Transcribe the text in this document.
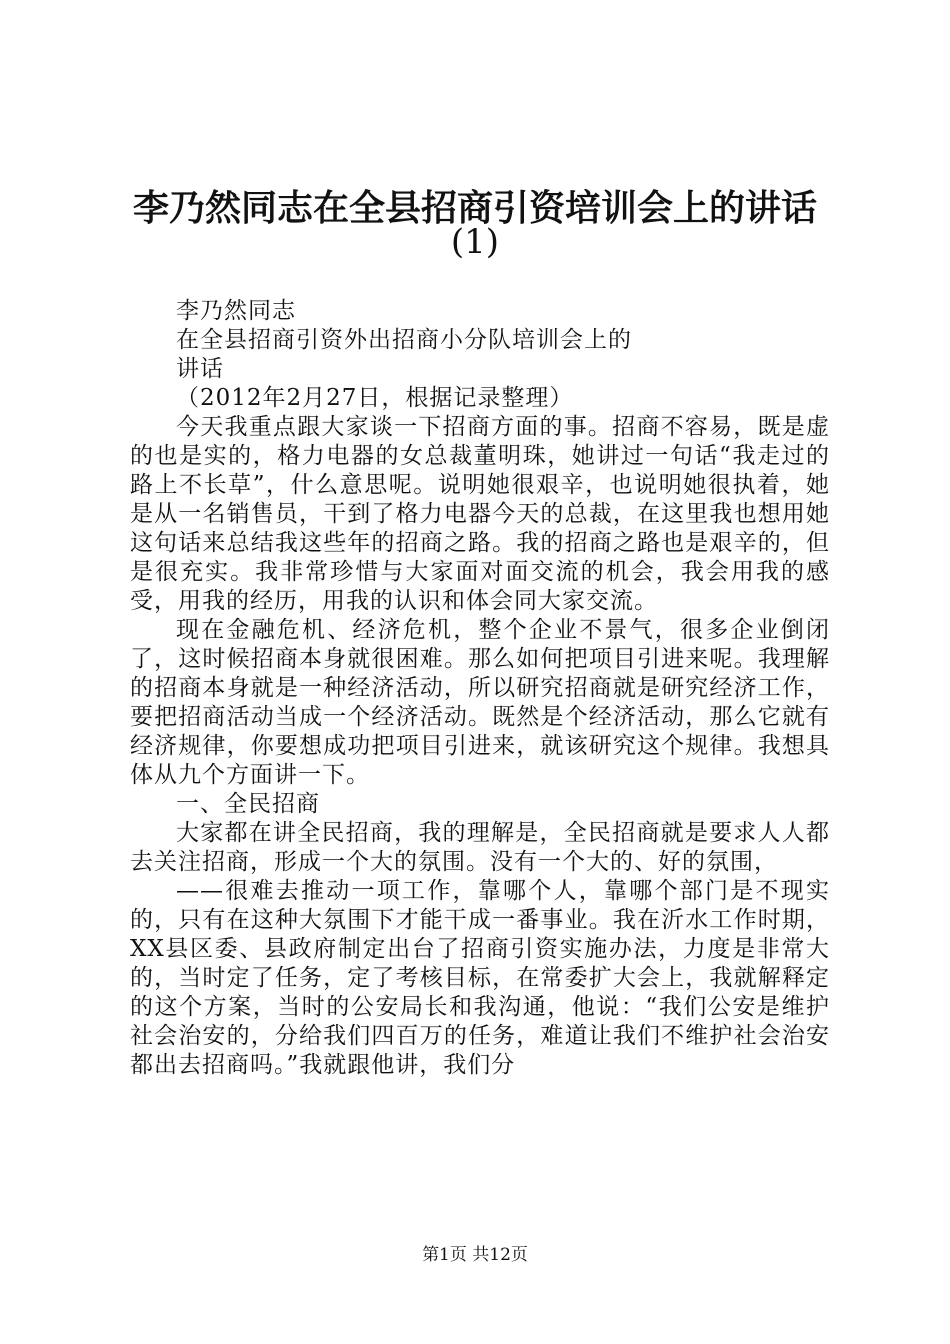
李乃然同志在全县招商引资培训会上的讲话
(1)

李乃然同志

在全县招商引资外出招商小分队培训会上的

讲话

（2012年2月27日，根据记录整理）

今天我重点跟大家谈一下招商方面的事。招商不容易，既是虚的也是实的，格力电器的女总裁董明珠，她讲过一句话“我走过的路上不长草”，什么意思呢。说明她很艰辛，也说明她很执着，她是从一名销售员，干到了格力电器今天的总裁，在这里我也想用她这句话来总结我这些年的招商之路。我的招商之路也是艰辛的，但是很充实。我非常珍惜与大家面对面交流的机会，我会用我的感受，用我的经历，用我的认识和体会同大家交流。

现在金融危机、经济危机，整个企业不景气，很多企业倒闭了，这时候招商本身就很困难。那么如何把项目引进来呢。我理解的招商本身就是一种经济活动，所以研究招商就是研究经济工作，要把招商活动当成一个经济活动。既然是个经济活动，那么它就有经济规律，你要想成功把项目引进来，就该研究这个规律。我想具体从九个方面讲一下。

一、全民招商

大家都在讲全民招商，我的理解是，全民招商就是要求人人都去关注招商，形成一个大的氛围。没有一个大的、好的氛围，

——很难去推动一项工作，靠哪个人，靠哪个部门是不现实的，只有在这种大氛围下才能干成一番事业。我在沂水工作时期，XX县区委、县政府制定出台了招商引资实施办法，力度是非常大的，当时定了任务，定了考核目标，在常委扩大会上，我就解释定的这个方案，当时的公安局长和我沟通，他说：“我们公安是维护社会治安的，分给我们四百万的任务，难道让我们不维护社会治安都出去招商吗。”我就跟他讲，我们分

第1页 共12页
